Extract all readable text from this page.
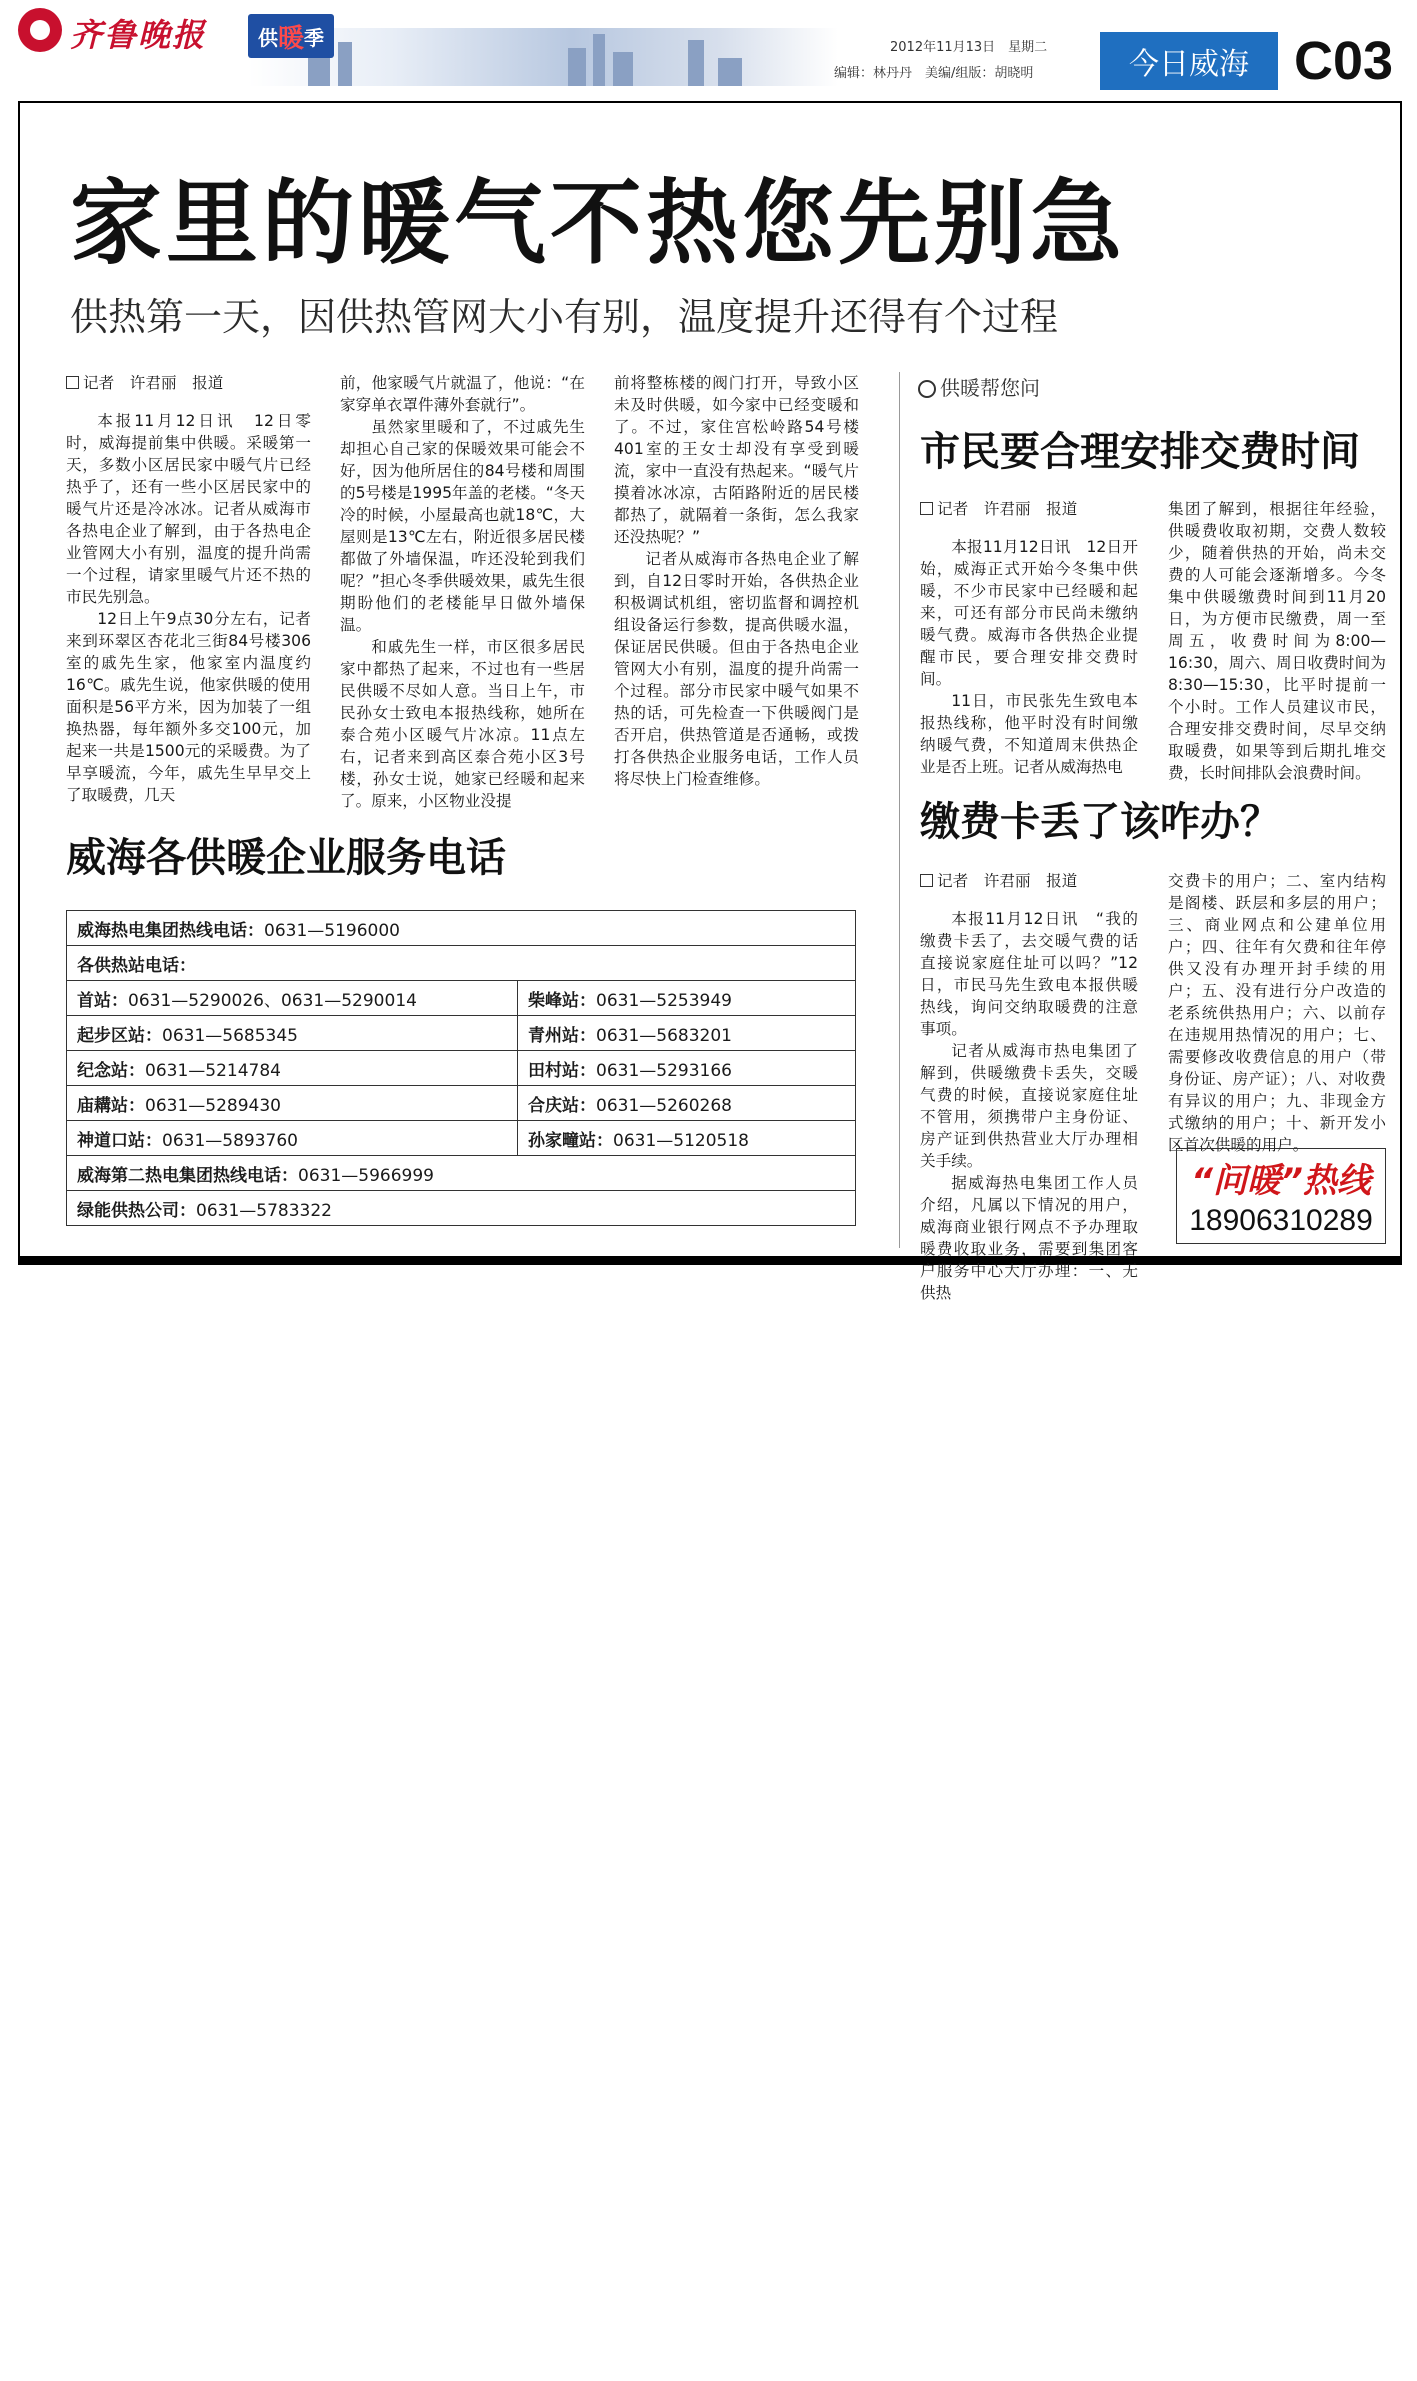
齐鲁晚报	供 暖 季	2012年11月13日　星期二
编辑：林丹丹　美编/组版：胡晓明	今日威海 C03
家里的暖气不热您先别急
供热第一天，因供热管网大小有别，温度提升还得有个过程
记者　许君丽　报道

本报11月12日讯　12日零时，威海提前集中供暖。采暖第一天，多数小区居民家中暖气片已经热乎了，还有一些小区居民家中的暖气片还是冷冰冰。记者从威海市各热电企业了解到，由于各热电企业管网大小有别，温度的提升尚需一个过程，请家里暖气片还不热的市民先别急。

12日上午9点30分左右，记者来到环翠区杏花北三街84号楼306室的戚先生家，他家室内温度约16℃。戚先生说，他家供暖的使用面积是56平方米，因为加装了一组换热器，每年额外多交100元，加起来一共是1500元的采暖费。为了早享暖流，今年，戚先生早早交上了取暖费，几天

前，他家暖气片就温了，他说：“在家穿单衣罩件薄外套就行”。

虽然家里暖和了，不过戚先生却担心自己家的保暖效果可能会不好，因为他所居住的84号楼和周围的5号楼是1995年盖的老楼。“冬天冷的时候，小屋最高也就18℃，大屋则是13℃左右，附近很多居民楼都做了外墙保温，咋还没轮到我们呢？”担心冬季供暖效果，戚先生很期盼他们的老楼能早日做外墙保温。

和戚先生一样，市区很多居民家中都热了起来，不过也有一些居民供暖不尽如人意。当日上午，市民孙女士致电本报热线称，她所在泰合苑小区暖气片冰凉。11点左右，记者来到高区泰合苑小区3号楼，孙女士说，她家已经暖和起来了。原来，小区物业没提

前将整栋楼的阀门打开，导致小区未及时供暖，如今家中已经变暖和了。不过，家住宫松岭路54号楼401室的王女士却没有享受到暖流，家中一直没有热起来。“暖气片摸着冰冰凉，古陌路附近的居民楼都热了，就隔着一条街，怎么我家还没热呢？”

记者从威海市各热电企业了解到，自12日零时开始，各供热企业积极调试机组，密切监督和调控机组设备运行参数，提高供暖水温，保证居民供暖。但由于各热电企业管网大小有别，温度的提升尚需一个过程。部分市民家中暖气如果不热的话，可先检查一下供暖阀门是否开启，供热管道是否通畅，或拨打各供热企业服务电话，工作人员将尽快上门检查维修。

供暖帮您问
市民要合理安排交费时间
记者　许君丽　报道

本报11月12日讯　12日开始，威海正式开始今冬集中供暖，不少市民家中已经暖和起来，可还有部分市民尚未缴纳暖气费。威海市各供热企业提醒市民，要合理安排交费时间。

11日，市民张先生致电本报热线称，他平时没有时间缴纳暖气费，不知道周末供热企业是否上班。记者从威海热电

集团了解到，根据往年经验，供暖费收取初期，交费人数较少，随着供热的开始，尚未交费的人可能会逐渐增多。今冬集中供暖缴费时间到11月20日，为方便市民缴费，周一至周五，收费时间为8:00—16:30，周六、周日收费时间为8:30—15:30，比平时提前一个小时。工作人员建议市民，合理安排交费时间，尽早交纳取暖费，如果等到后期扎堆交费，长时间排队会浪费时间。

缴费卡丢了该咋办？
记者　许君丽　报道

本报11月12日讯　“我的缴费卡丢了，去交暖气费的话直接说家庭住址可以吗？”12日，市民马先生致电本报供暖热线，询问交纳取暖费的注意事项。

记者从威海市热电集团了解到，供暖缴费卡丢失，交暖气费的时候，直接说家庭住址不管用，须携带户主身份证、房产证到供热营业大厅办理相关手续。

据威海热电集团工作人员介绍，凡属以下情况的用户，威海商业银行网点不予办理取暖费收取业务，需要到集团客户服务中心大厅办理：一、无供热

交费卡的用户；二、室内结构是阁楼、跃层和多层的用户；三、商业网点和公建单位用户；四、往年有欠费和往年停供又没有办理开封手续的用户；五、没有进行分户改造的老系统供热用户；六、以前存在违规用热情况的用户；七、需要修改收费信息的用户（带身份证、房产证）；八、对收费有异议的用户；九、非现金方式缴纳的用户；十、新开发小区首次供暖的用户。

“问暖”热线
18906310289
威海各供暖企业服务电话
威海热电集团热线电话：0631—5196000	
各供热站电话：	
首站：0631—5290026、0631—5290014	柴峰站：0631—5253949
起步区站：0631—5685345	青州站：0631—5683201
纪念站：0631—5214784	田村站：0631—5293166
庙耩站：0631—5289430	合庆站：0631—5260268
神道口站：0631—5893760	孙家疃站：0631—5120518
威海第二热电集团热线电话：0631—5966999	
绿能供热公司：0631—5783322	
